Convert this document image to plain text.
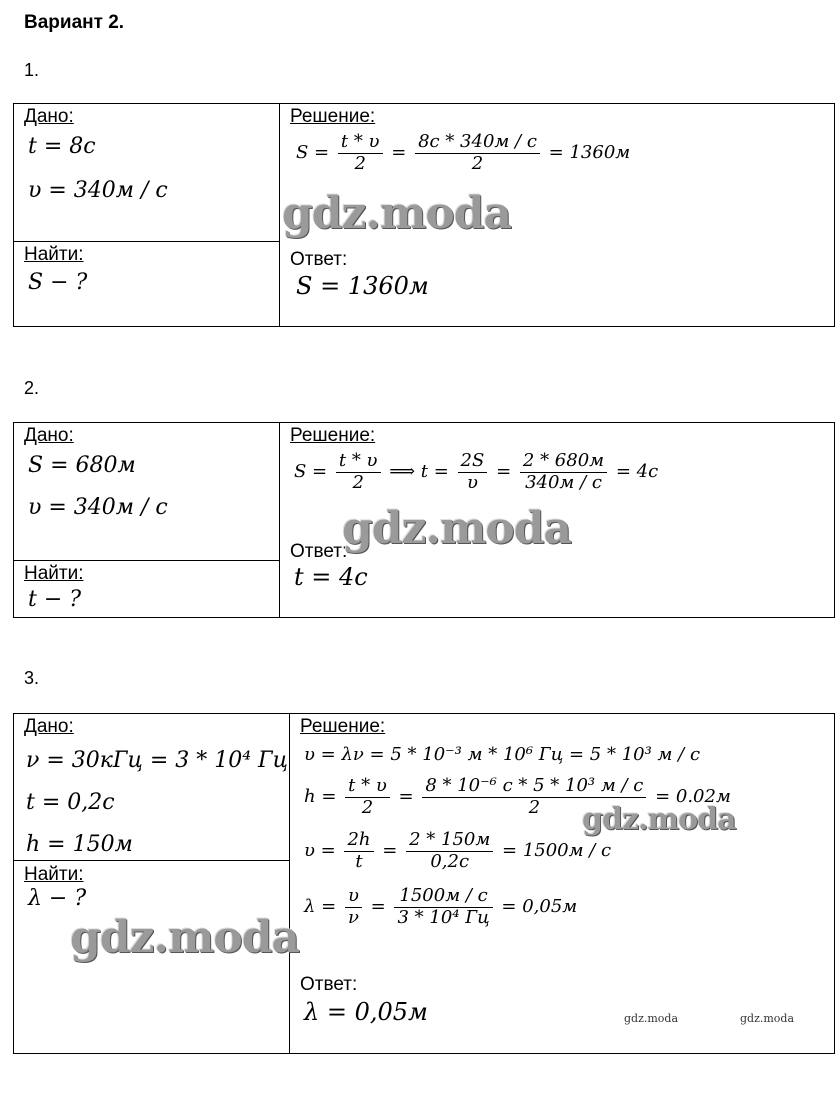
Вариант 2.
1.
Дано:
t = 8c
υ = 340м / c
Найти:
S − ?
Решение:
$S = \frac{t * \upsilon}{2} = \frac{8c * 340м / c}{2} = 1360м$
Ответ:
S = 1360м
gdz.moda
2.
Дано:
S = 680м
υ = 340м / c
Найти:
t − ?
Решение:
$S = \frac{t * \upsilon}{2}$ ⟹ $t = \frac{2S}{\upsilon} = \frac{2 * 680м}{340м / c} = 4c$
Ответ:
t = 4c
gdz.moda
3.
Дано:
ν = 30кГц = 3 * 10⁴ Гц
t = 0,2c
h = 150м
Найти:
λ − ?
Решение:
υ = λν = 5 * 10⁻³ м * 10⁶ Гц = 5 * 10³ м / c
$h = \frac{t * \upsilon}{2} = \frac{\text{8 * 10⁻⁶ c * 5 * 10³ м / c}}{2} = 0.02м$
$\upsilon = \frac{2h}{t} = \frac{2 * 150м}{0,2c} = 1500м / c$
$\lambda = \frac{\upsilon}{\nu} = \frac{1500м / c}{\text{3 * 10⁴ Гц}} = 0,05м$
Ответ:
λ = 0,05м
gdz.moda
gdz.moda
gdz.moda	gdz.moda
